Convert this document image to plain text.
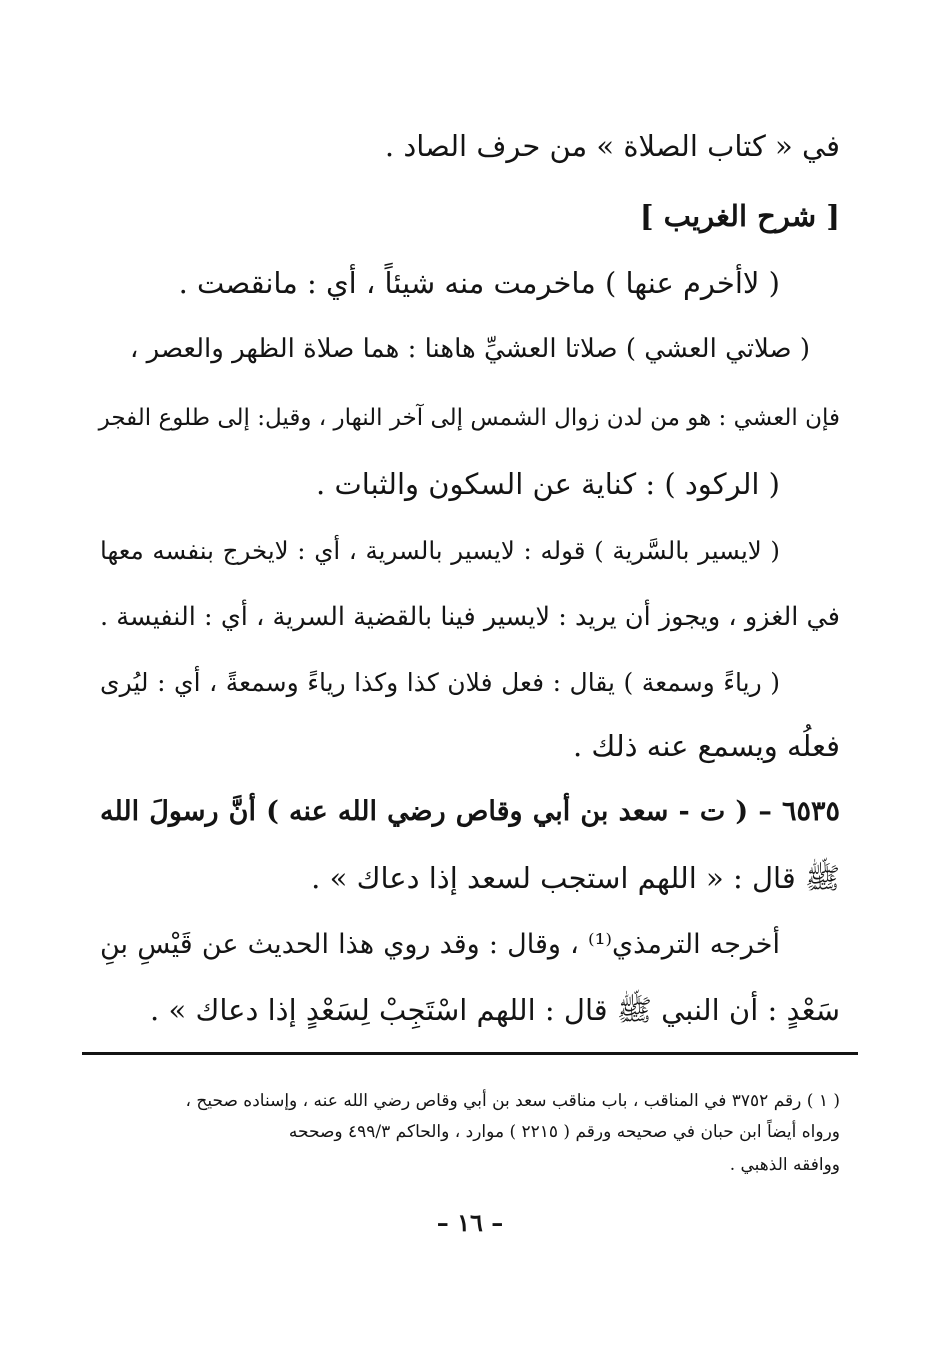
في « كتاب الصلاة » من حرف الصاد .
[ شرح الغريب ]
( لاأخرم عنها ) ماخرمت منه شيئاً ، أي : مانقصت .
( صلاتي العشي ) صلاتا العشيِّ هاهنا : هما صلاة الظهر والعصر ،
فإن العشي : هو من لدن زوال الشمس إلى آخر النهار ، وقيل: إلى طلوع الفجر
( الركود ) : كناية عن السكون والثبات .
( لايسير بالسَّرية ) قوله : لايسير بالسرية ، أي : لايخرج بنفسه معها
في الغزو ، ويجوز أن يريد : لايسير فينا بالقضية السرية ، أي : النفيسة .
( رياءً وسمعة ) يقال : فعل فلان كذا وكذا رياءً وسمعةً ، أي : ليُرى
فعلُه ويسمع عنه ذلك .
٦٥٣٥ – ( ت - سعد بن أبي وقاص رضي الله عنه ) أنَّ رسولَ الله
ﷺ قال : « اللهم استجب لسعد إذا دعاك » .
أخرجه الترمذي⁽¹⁾ ، وقال : وقد روي هذا الحديث عن قَيْسِ بنِ
سَعْدٍ : أن النبي ﷺ قال : اللهم اسْتَجِبْ لِسَعْدٍ إذا دعاك » .
( ١ ) رقم ٣٧٥٢ في المناقب ، باب مناقب سعد بن أبي وقاص رضي الله عنه ، وإسناده صحيح ،
ورواه أيضاً ابن حبان في صحيحه ورقم ( ٢٢١٥ ) موارد ، والحاكم ٤٩٩/٣ وصححه
ووافقه الذهبي .
– ١٦ –
